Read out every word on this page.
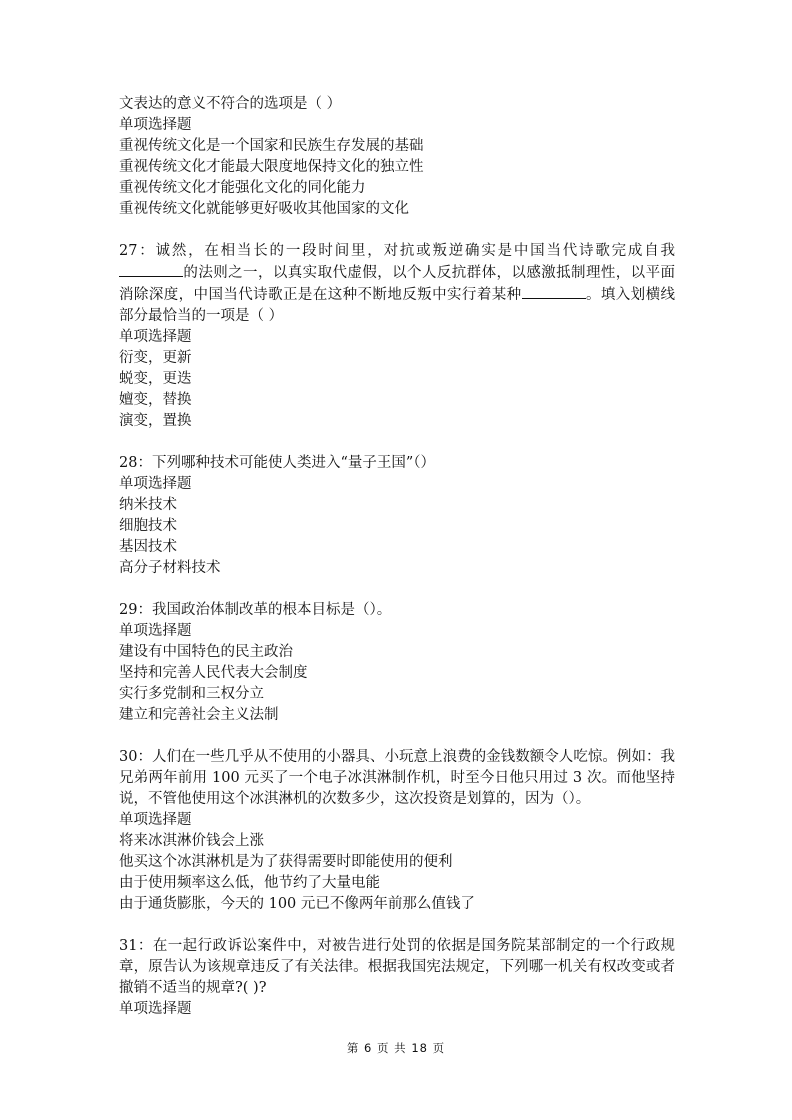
文表达的意义不符合的选项是（ ）
单项选择题
重视传统文化是一个国家和民族生存发展的基础
重视传统文化才能最大限度地保持文化的独立性
重视传统文化才能强化文化的同化能力
重视传统文化就能够更好吸收其他国家的文化
27：诚然，在相当长的一段时间里，对抗或叛逆确实是中国当代诗歌完成自我的法则之一，以真实取代虚假，以个人反抗群体，以感激抵制理性，以平面消除深度，中国当代诗歌正是在这种不断地反叛中实行着某种	。填入划横线部分最恰当的一项是（ ）
单项选择题
衍变，更新
蜕变，更迭
嬗变，替换
演变，置换
28：下列哪种技术可能使人类进入“量子王国”（）
单项选择题
纳米技术
细胞技术
基因技术
高分子材料技术
29：我国政治体制改革的根本目标是（）。
单项选择题
建设有中国特色的民主政治
坚持和完善人民代表大会制度
实行多党制和三权分立
建立和完善社会主义法制
30：人们在一些几乎从不使用的小器具、小玩意上浪费的金钱数额令人吃惊。例如：我兄弟两年前用 100 元买了一个电子冰淇淋制作机，时至今日他只用过 3 次。而他坚持说，不管他使用这个冰淇淋机的次数多少，这次投资是划算的，因为（）。
单项选择题
将来冰淇淋价钱会上涨
他买这个冰淇淋机是为了获得需要时即能使用的便利
由于使用频率这么低，他节约了大量电能
由于通货膨胀，今天的 100 元已不像两年前那么值钱了
31：在一起行政诉讼案件中，对被告进行处罚的依据是国务院某部制定的一个行政规章，原告认为该规章违反了有关法律。根据我国宪法规定，下列哪一机关有权改变或者撤销不适当的规章?( )?
单项选择题
第 6 页 共 18 页
